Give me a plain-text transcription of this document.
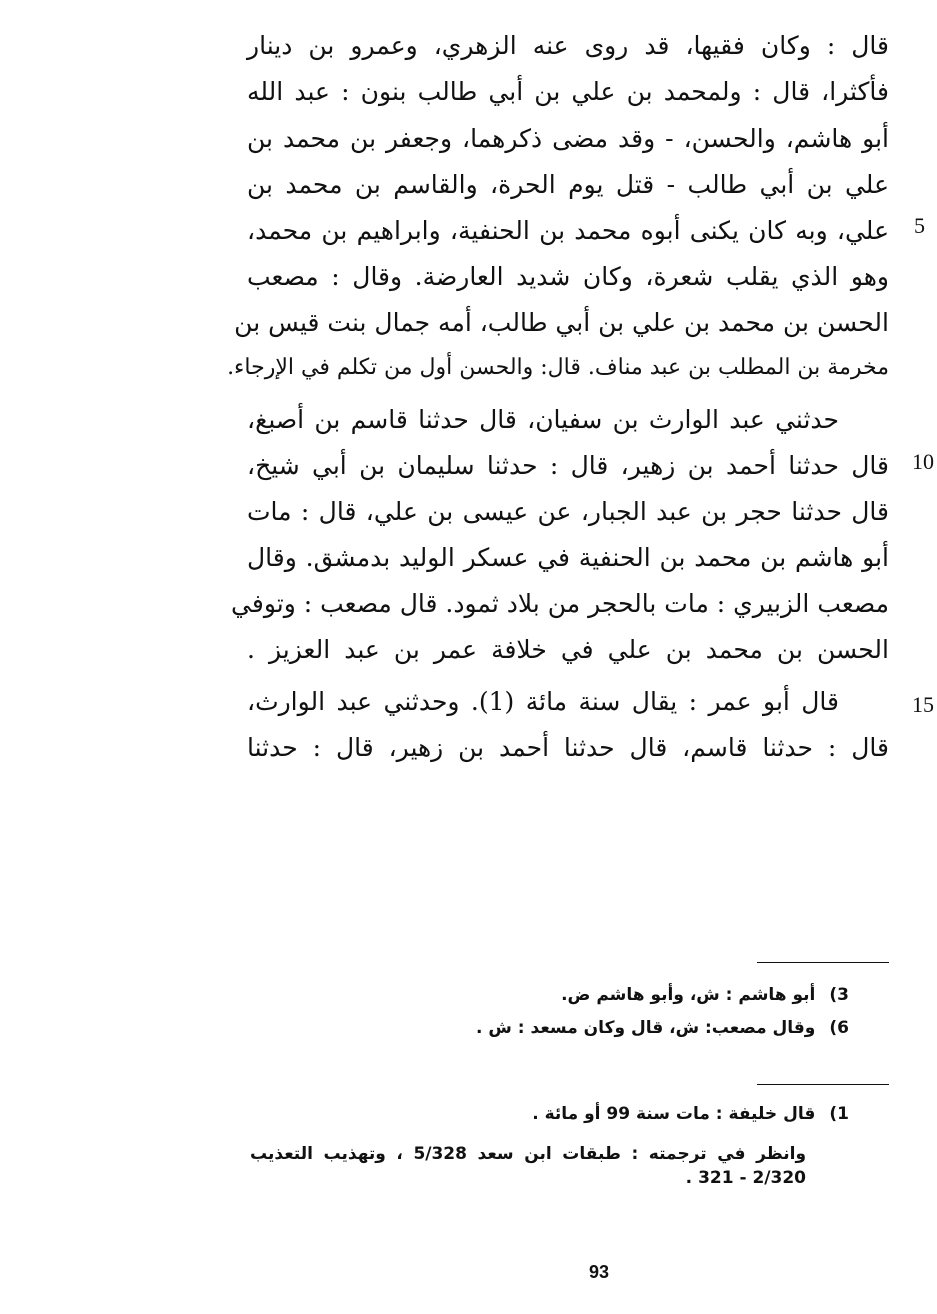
قال : وكان فقيها، قد روى عنه الزهري، وعمرو بن دينار
فأكثرا، قال : ولمحمد بن علي بن أبي طالب بنون : عبد الله
أبو هاشم، والحسن، - وقد مضى ذكرهما، وجعفر بن محمد بن
علي بن أبي طالب - قتل يوم الحرة، والقاسم بن محمد بن
علي، وبه كان يكنى أبوه محمد بن الحنفية، وابراهيم بن محمد،
وهو الذي يقلب شعرة، وكان شديد العارضة. وقال : مصعب
الحسن بن محمد بن علي بن أبي طالب، أمه جمال بنت قيس بن
مخرمة بن المطلب بن عبد مناف. قال: والحسن أول من تكلم في الإرجاء.
حدثني عبد الوارث بن سفيان، قال حدثنا قاسم بن أصبغ،
قال حدثنا أحمد بن زهير، قال : حدثنا سليمان بن أبي شيخ،
قال حدثنا حجر بن عبد الجبار، عن عيسى بن علي، قال : مات
أبو هاشم بن محمد بن الحنفية في عسكر الوليد بدمشق. وقال
مصعب الزبيري : مات بالحجر من بلاد ثمود. قال مصعب : وتوفي
الحسن بن محمد بن علي في خلافة عمر بن عبد العزيز .
قال أبو عمر : يقال سنة مائة (1). وحدثني عبد الوارث،
قال : حدثنا قاسم، قال حدثنا أحمد بن زهير، قال : حدثنا
5
10
15
3)أبو هاشم : ش، وأبو هاشم ض.
6)وقال مصعب: ش، قال وكان مسعد : ش .
1)قال خليفة : مات سنة 99 أو مائة .
وانظر في ترجمته : طبقات ابن سعد 5/328 ، وتهذيب التعذيب
2/320 - 321 .
93
